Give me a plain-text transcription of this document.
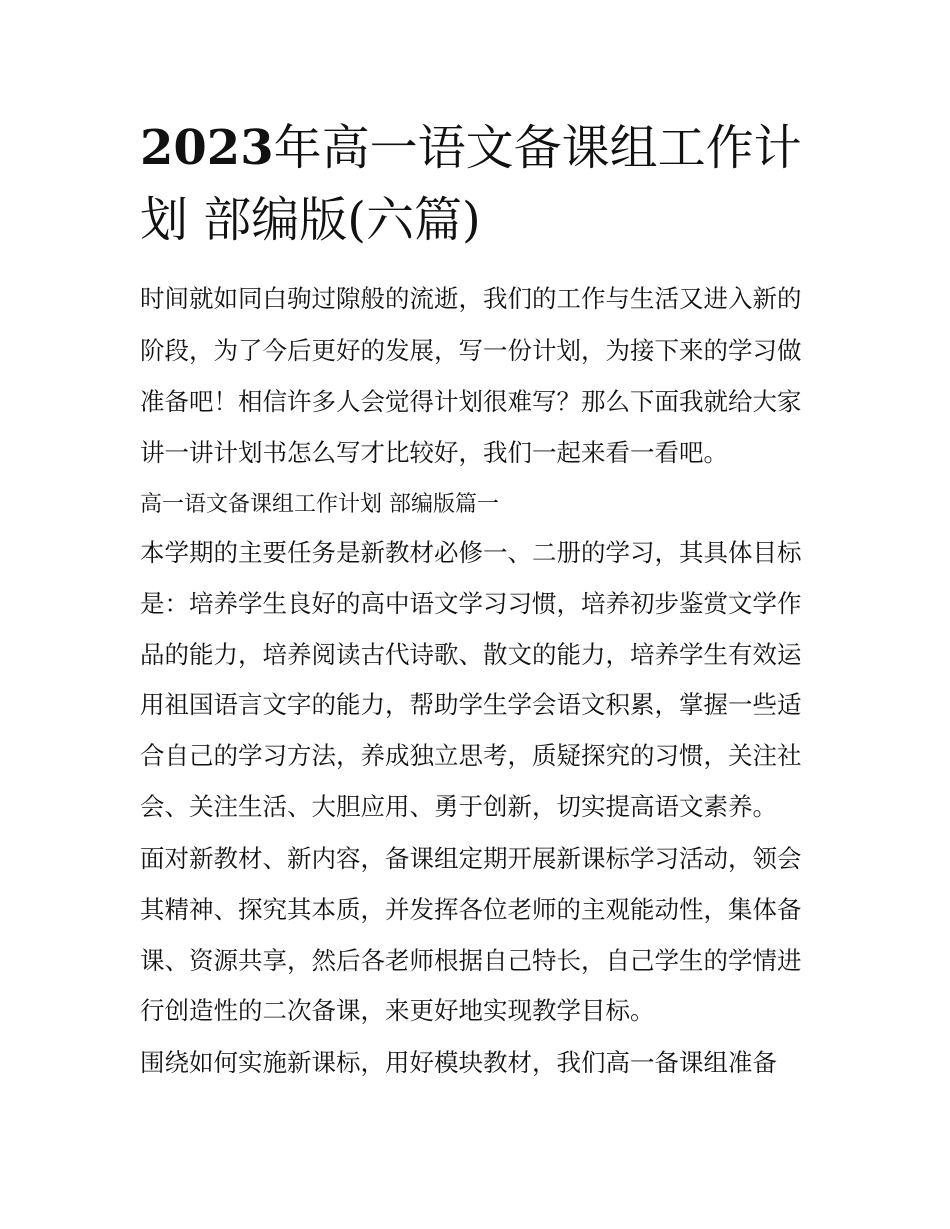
2023年高一语文备课组工作计
划 部编版(六篇)

时间就如同白驹过隙般的流逝，我们的工作与生活又进入新的

阶段，为了今后更好的发展，写一份计划，为接下来的学习做

准备吧！相信许多人会觉得计划很难写？那么下面我就给大家

讲一讲计划书怎么写才比较好，我们一起来看一看吧。

高一语文备课组工作计划 部编版篇一

本学期的主要任务是新教材必修一、二册的学习，其具体目标

是：培养学生良好的高中语文学习习惯，培养初步鉴赏文学作

品的能力，培养阅读古代诗歌、散文的能力，培养学生有效运

用祖国语言文字的能力，帮助学生学会语文积累，掌握一些适

合自己的学习方法，养成独立思考，质疑探究的习惯，关注社

会、关注生活、大胆应用、勇于创新，切实提高语文素养。

面对新教材、新内容，备课组定期开展新课标学习活动，领会

其精神、探究其本质，并发挥各位老师的主观能动性，集体备

课、资源共享，然后各老师根据自己特长，自己学生的学情进

行创造性的二次备课，来更好地实现教学目标。

围绕如何实施新课标，用好模块教材，我们高一备课组准备
